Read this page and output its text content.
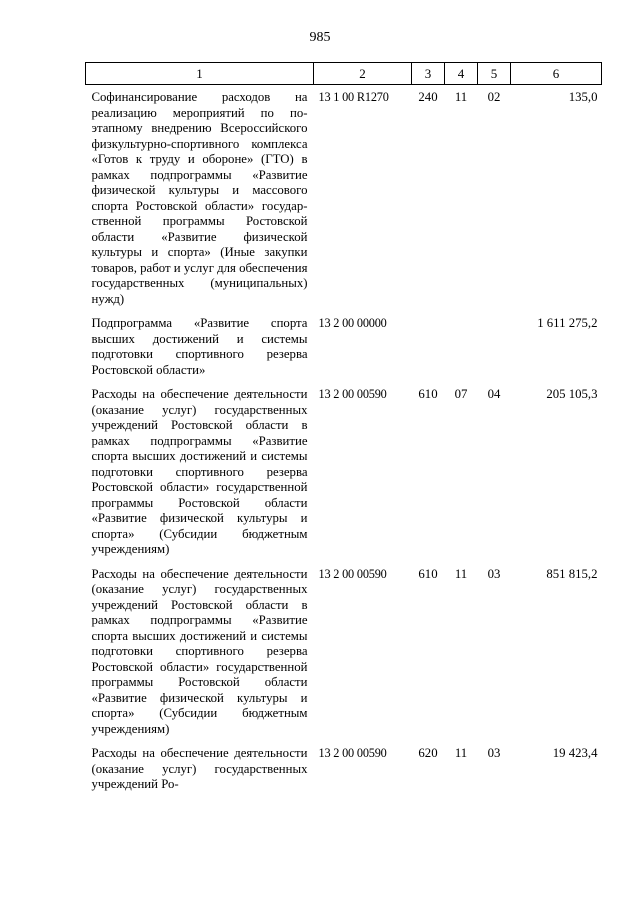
985
1	2	3	4	5	6
Софинансирование расходов на реализацию мероприятий по поэтапному внедрению Всероссийского физкультурно-спортивного комплекса «Готов к труду и обороне» (ГТО) в рамках подпрограммы «Развитие физической культуры и массового спорта Ростовской области» государственной программы Ростовской области «Развитие физической культуры и спорта» (Иные закупки товаров, работ и услуг для обеспечения государственных (муниципальных) нужд)	13 1 00 R1270	240	11	02	135,0
Подпрограмма «Развитие спорта высших достижений и системы подготовки спортивного резерва Ростовской области»	13 2 00 00000				1 611 275,2
Расходы на обеспечение деятельности (оказание услуг) государственных учреждений Ростовской области в рамках подпрограммы «Развитие спорта высших достижений и системы подготовки спортивного резерва Ростовской области» государственной программы Ростовской области «Развитие физической культуры и спорта» (Субсидии бюджетным учреждениям)	13 2 00 00590	610	07	04	205 105,3
Расходы на обеспечение деятельности (оказание услуг) государственных учреждений Ростовской области в рамках подпрограммы «Развитие спорта высших достижений и системы подготовки спортивного резерва Ростовской области» государственной программы Ростовской области «Развитие физической культуры и спорта» (Субсидии бюджетным учреждениям)	13 2 00 00590	610	11	03	851 815,2
Расходы на обеспечение деятельности (оказание услуг) государственных учреждений Ро-	13 2 00 00590	620	11	03	19 423,4
